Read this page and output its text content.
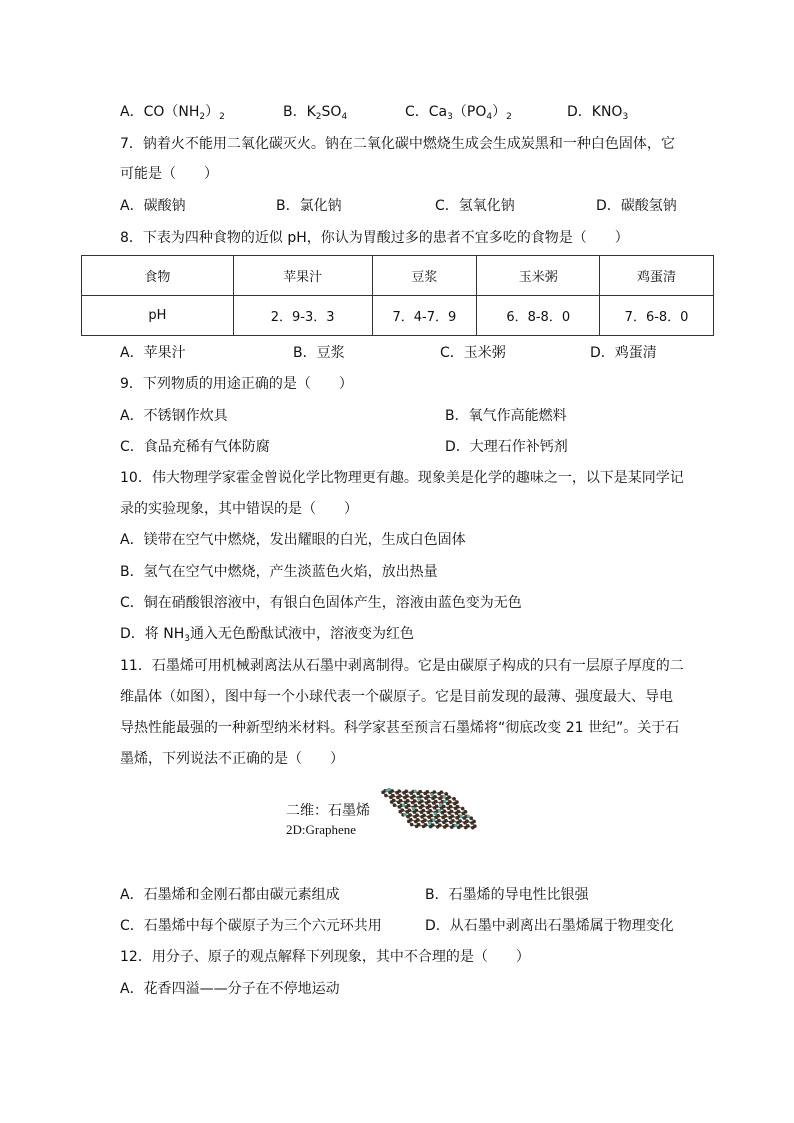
A．$CO(NH_2)_2$	B．$K_2SO_4$	C．$Ca_3(PO_4)_2$	D．$KNO_3$
7．钠着火不能用二氧化碳灭火。钠在二氧化碳中燃烧生成会生成炭黑和一种白色固体，它
可能是（　　）
A．碳酸钠	B．氯化钠	C．氢氧化钠	D．碳酸氢钠
8．下表为四种食物的近似 pH，你认为胃酸过多的患者不宜多吃的食物是（　　）
食物	苹果汁	豆浆	玉米粥	鸡蛋清
pH	2．9-3．3	7．4-7．9	6．8-8．0	7．6-8．0
A．苹果汁	B．豆浆	C．玉米粥	D．鸡蛋清
9．下列物质的用途正确的是（　　）
A．不锈钢作炊具	B．氧气作高能燃料
C．食品充稀有气体防腐	D．大理石作补钙剂
10．伟大物理学家霍金曾说化学比物理更有趣。现象美是化学的趣味之一，以下是某同学记
录的实验现象，其中错误的是（　　）
A．镁带在空气中燃烧，发出耀眼的白光，生成白色固体
B．氢气在空气中燃烧，产生淡蓝色火焰，放出热量
C．铜在硝酸银溶液中，有银白色固体产生，溶液由蓝色变为无色
D．将 $NH_3$通入无色酚酞试液中，溶液变为红色
11．石墨烯可用机械剥离法从石墨中剥离制得。它是由碳原子构成的只有一层原子厚度的二
维晶体（如图），图中每一个小球代表一个碳原子。它是目前发现的最薄、强度最大、导电
导热性能最强的一种新型纳米材料。科学家甚至预言石墨烯将“彻底改变 21 世纪”。关于石
墨烯，下列说法不正确的是（　　）
二维：石墨烯
2D:Graphene
A．石墨烯和金刚石都由碳元素组成	B．石墨烯的导电性比银强
C．石墨烯中每个碳原子为三个六元环共用	D．从石墨中剥离出石墨烯属于物理变化
12．用分子、原子的观点解释下列现象，其中不合理的是（　　）
A．花香四溢——分子在不停地运动
